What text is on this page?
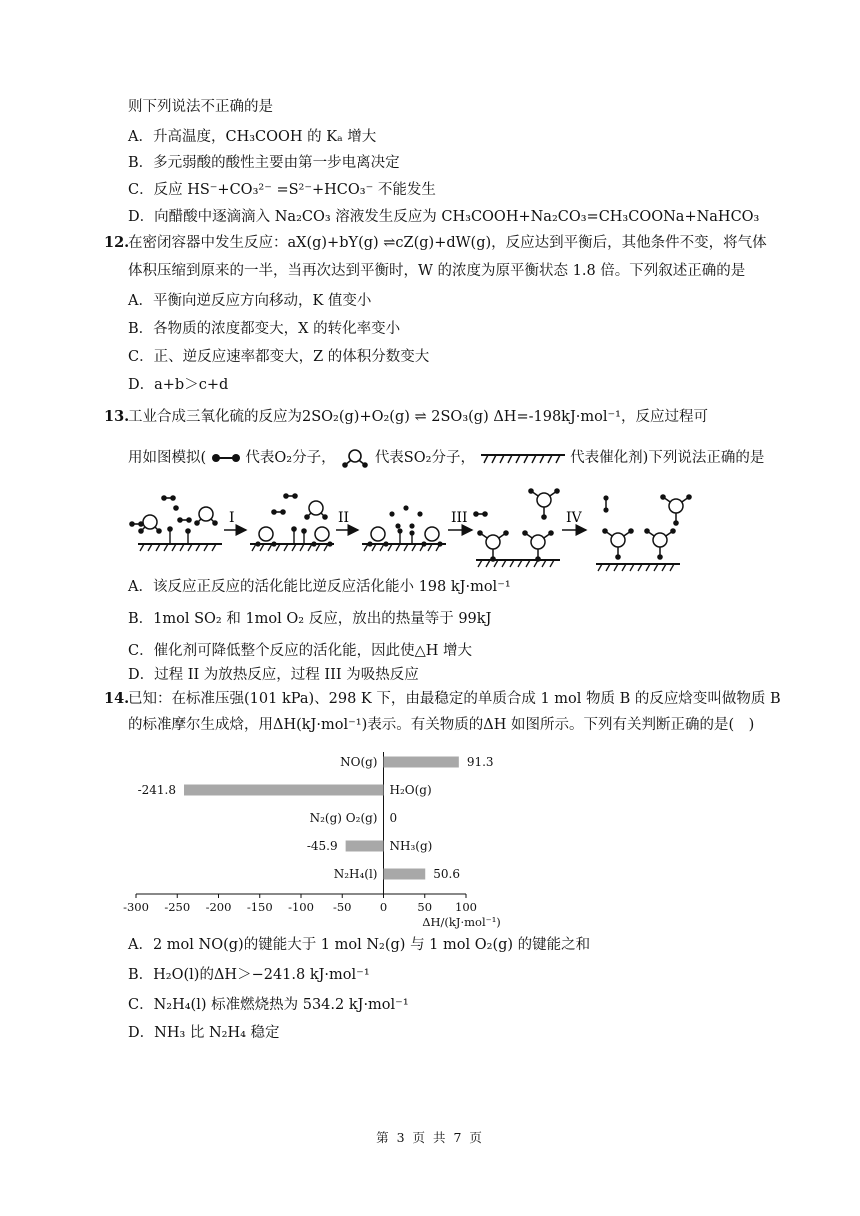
则下列说法不正确的是
A．升高温度，CH₃COOH 的 Kₐ 增大
B．多元弱酸的酸性主要由第一步电离决定
C．反应 HS⁻+CO₃²⁻ =S²⁻+HCO₃⁻ 不能发生
D．向醋酸中逐滴滴入 Na₂CO₃ 溶液发生反应为 CH₃COOH+Na₂CO₃=CH₃COONa+NaHCO₃
12.
在密闭容器中发生反应：aX(g)+bY(g) ⇌cZ(g)+dW(g)，反应达到平衡后，其他条件不变，将气体
体积压缩到原来的一半，当再次达到平衡时，W 的浓度为原平衡状态 1.8 倍。下列叙述正确的是
A．平衡向逆反应方向移动，K 值变小
B．各物质的浓度都变大，X 的转化率变小
C．正、逆反应速率都变大，Z 的体积分数变大
D．a+b＞c+d
13.
工业合成三氧化硫的反应为2SO₂(g)+O₂(g) ⇌ 2SO₃(g) ΔH=-198kJ·mol⁻¹，反应过程可
用如图模拟(	代表O₂分子，	代表SO₂分子，	代表催化剂)下列说法正确的是
I	II	III	IV
A．该反应正反应的活化能比逆反应活化能小 198 kJ·mol⁻¹
B．1mol SO₂ 和 1mol O₂ 反应，放出的热量等于 99kJ
C．催化剂可降低整个反应的活化能，因此使△H 增大
D．过程 II 为放热反应，过程 III 为吸热反应
14.
已知：在标准压强(101 kPa)、298 K 下，由最稳定的单质合成 1 mol 物质 B 的反应焓变叫做物质 B
的标准摩尔生成焓，用ΔH(kJ·mol⁻¹)表示。有关物质的ΔH 如图所示。下列有关判断正确的是(　)
-300 -250 -200 -150 -100 -50 0	50 100
ΔH/(kJ·mol⁻¹)
NO(g)	91.3
H₂O(g)
-241.8
N₂(g) O₂(g) 0
NH₃(g)
-45.9
N₂H₄(l)	50.6
A．2 mol NO(g)的键能大于 1 mol N₂(g) 与 1 mol O₂(g) 的键能之和
B．H₂O(l)的ΔH＞−241.8 kJ·mol⁻¹
C．N₂H₄(l) 标准燃烧热为 534.2 kJ·mol⁻¹
D．NH₃ 比 N₂H₄ 稳定
第 3 页 共 7 页
